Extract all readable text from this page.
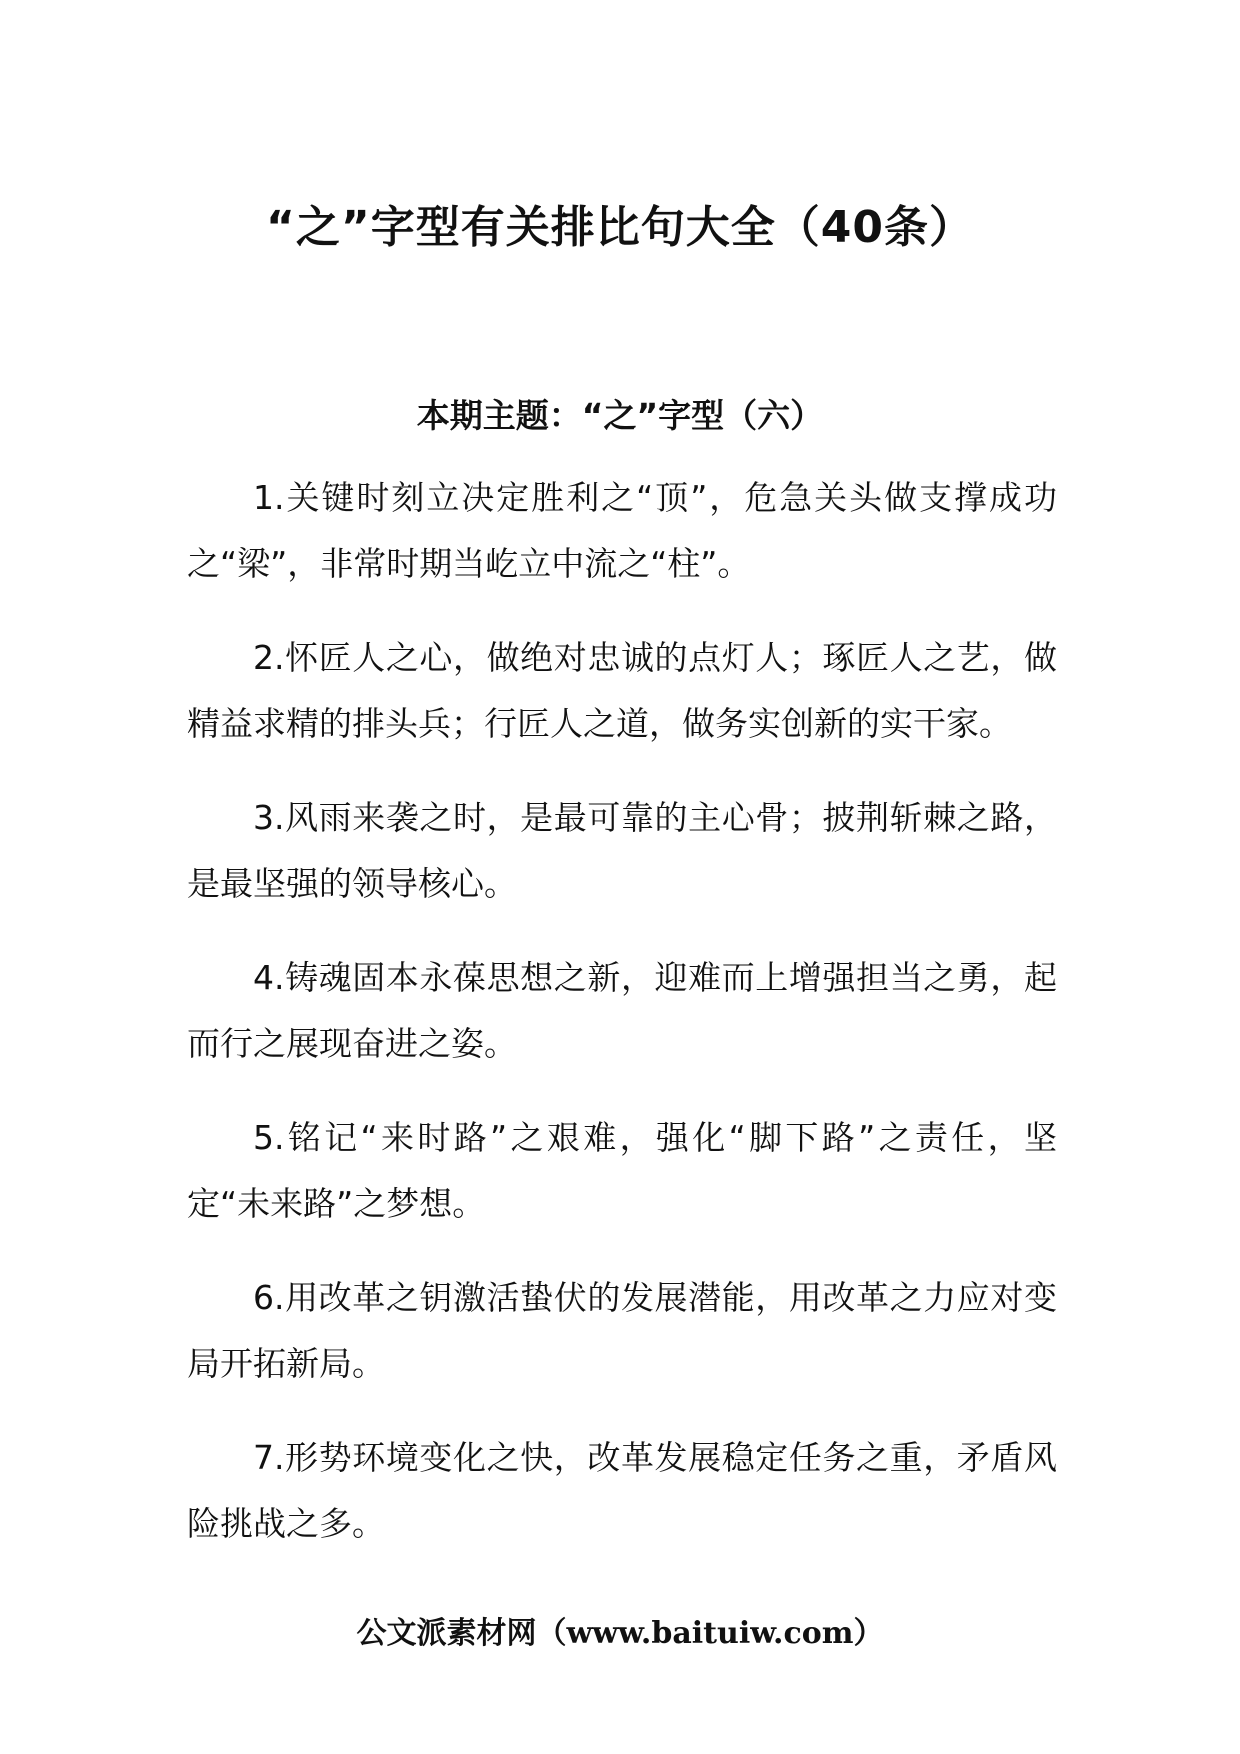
“之”字型有关排比句大全（40条）
本期主题：“之”字型（六）

1.关键时刻立决定胜利之“顶”，危急关头做支撑成功之“梁”，非常时期当屹立中流之“柱”。

2.怀匠人之心，做绝对忠诚的点灯人；琢匠人之艺，做精益求精的排头兵；行匠人之道，做务实创新的实干家。

3.风雨来袭之时，是最可靠的主心骨；披荆斩棘之路，是最坚强的领导核心。

4.铸魂固本永葆思想之新，迎难而上增强担当之勇，起而行之展现奋进之姿。

5.铭记“来时路”之艰难，强化“脚下路”之责任，坚定“未来路”之梦想。

6.用改革之钥激活蛰伏的发展潜能，用改革之力应对变局开拓新局。

7.形势环境变化之快，改革发展稳定任务之重，矛盾风险挑战之多。

公文派素材网（www.baituiw.com）
